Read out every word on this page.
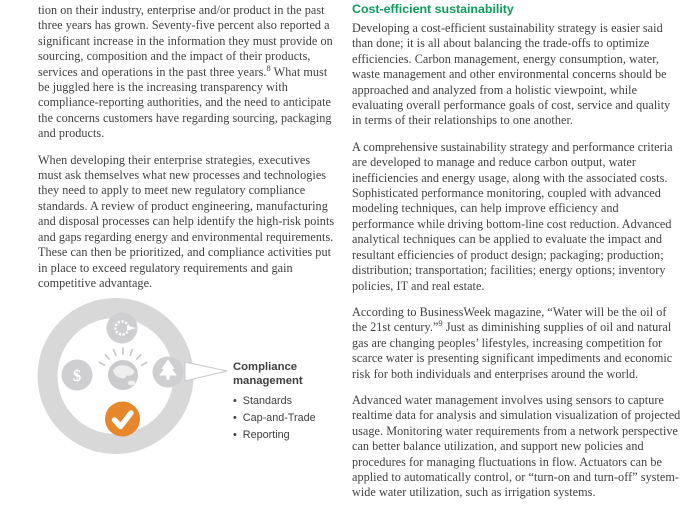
tion on their industry, enterprise and/or product in the past three years has grown. Seventy-five percent also reported a significant increase in the information they must provide on sourcing, composition and the impact of their products, services and operations in the past three years.$^8$ What must be juggled here is the increasing transparency with compliance-reporting authorities, and the need to anticipate the concerns customers have regarding sourcing, packaging and products.

When developing their enterprise strategies, executives must ask themselves what new processes and technologies they need to apply to meet new regulatory compliance standards. A review of product engineering, manufacturing and disposal processes can help identify the high-risk points and gaps regarding energy and environmental requirements. These can then be prioritized, and compliance activities put in place to exceed regulatory requirements and gain competitive advantage.

Cost-efficient sustainability

Developing a cost-efficient sustainability strategy is easier said than done; it is all about balancing the trade-offs to optimize efficiencies. Carbon management, energy consumption, water, waste management and other environmental concerns should be approached and analyzed from a holistic viewpoint, while evaluating overall performance goals of cost, service and quality in terms of their relationships to one another.

A comprehensive sustainability strategy and performance criteria are developed to manage and reduce carbon output, water inefficiencies and energy usage, along with the associated costs. Sophisticated performance monitoring, coupled with advanced modeling techniques, can help improve efficiency and performance while driving bottom-line cost reduction. Advanced analytical techniques can be applied to evaluate the impact and resultant efficiencies of product design; packaging; production; distribution; transportation; facilities; energy options; inventory policies, IT and real estate.

According to BusinessWeek magazine, “Water will be the oil of the 21st century.”$^9$ Just as diminishing supplies of oil and natural gas are changing peoples’ lifestyles, increasing competition for scarce water is presenting significant impediments and economic risk for both individuals and enterprises around the world.

Advanced water management involves using sensors to capture realtime data for analysis and simulation visualization of projected usage. Monitoring water requirements from a network perspective can better balance utilization, and support new policies and procedures for managing fluctuations in flow. Actuators can be applied to automatically control, or “turn-on and turn-off” system-wide water utilization, such as irrigation systems.

$	Compliance management
• Standards
• Cap-and-Trade
• Reporting
